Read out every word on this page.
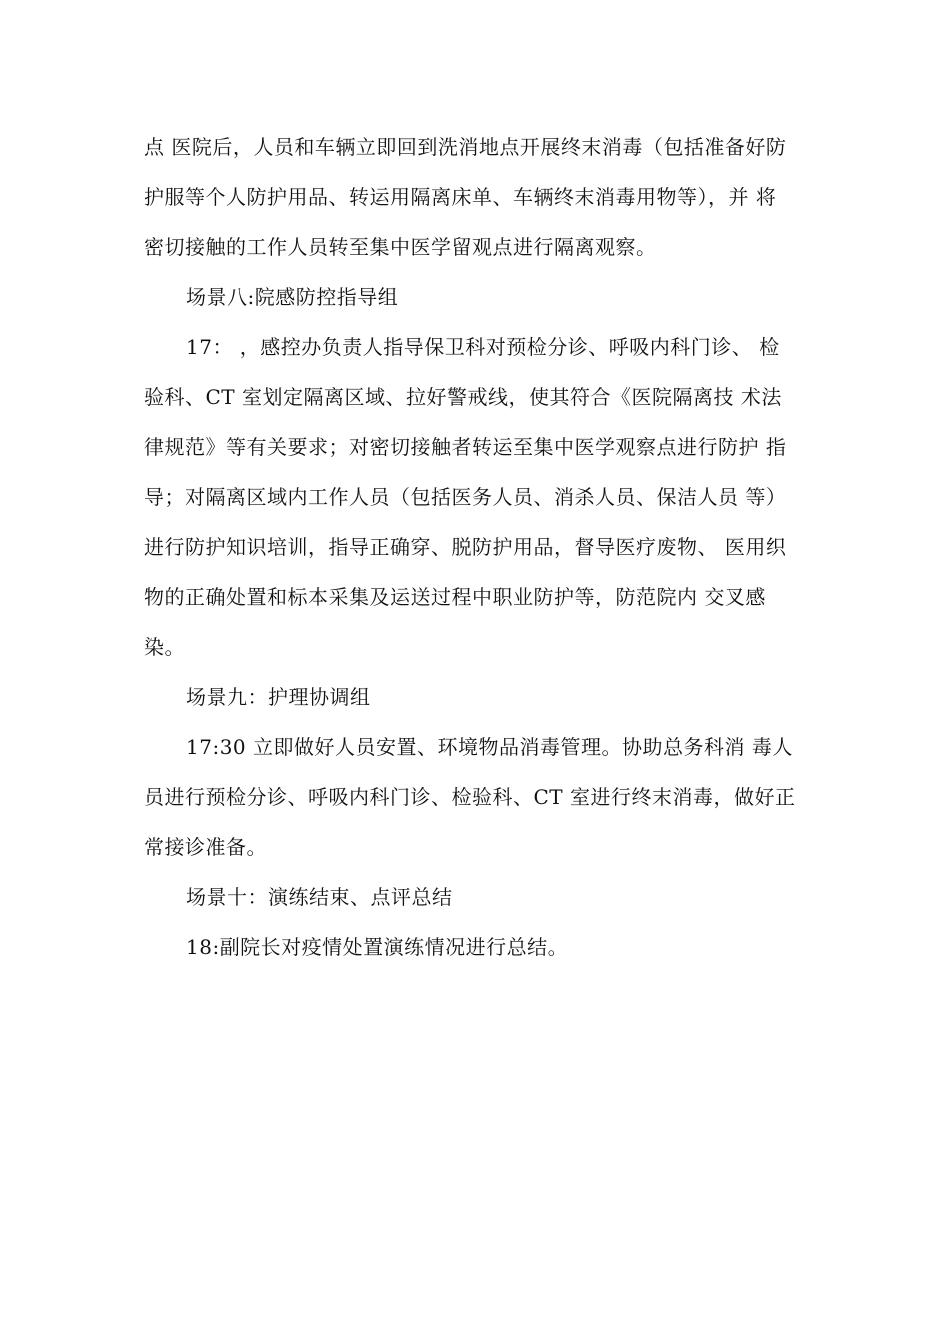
点 医院后，人员和车辆立即回到洗消地点开展终末消毒（包括准备好防
护服等个人防护用品、转运用隔离床单、车辆终末消毒用物等），并 将
密切接触的工作人员转至集中医学留观点进行隔离观察。
场景八:院感防控指导组
17： ，感控办负责人指导保卫科对预检分诊、呼吸内科门诊、 检
验科、CT 室划定隔离区域、拉好警戒线，使其符合《医院隔离技 术法
律规范》等有关要求；对密切接触者转运至集中医学观察点进行防护 指
导；对隔离区域内工作人员（包括医务人员、消杀人员、保洁人员 等）
进行防护知识培训，指导正确穿、脱防护用品，督导医疗废物、 医用织
物的正确处置和标本采集及运送过程中职业防护等，防范院内 交叉感
染。
场景九：护理协调组
17:30 立即做好人员安置、环境物品消毒管理。协助总务科消 毒人
员进行预检分诊、呼吸内科门诊、检验科、CT 室进行终末消毒，做好正
常接诊准备。
场景十：演练结束、点评总结
18:副院长对疫情处置演练情况进行总结。
